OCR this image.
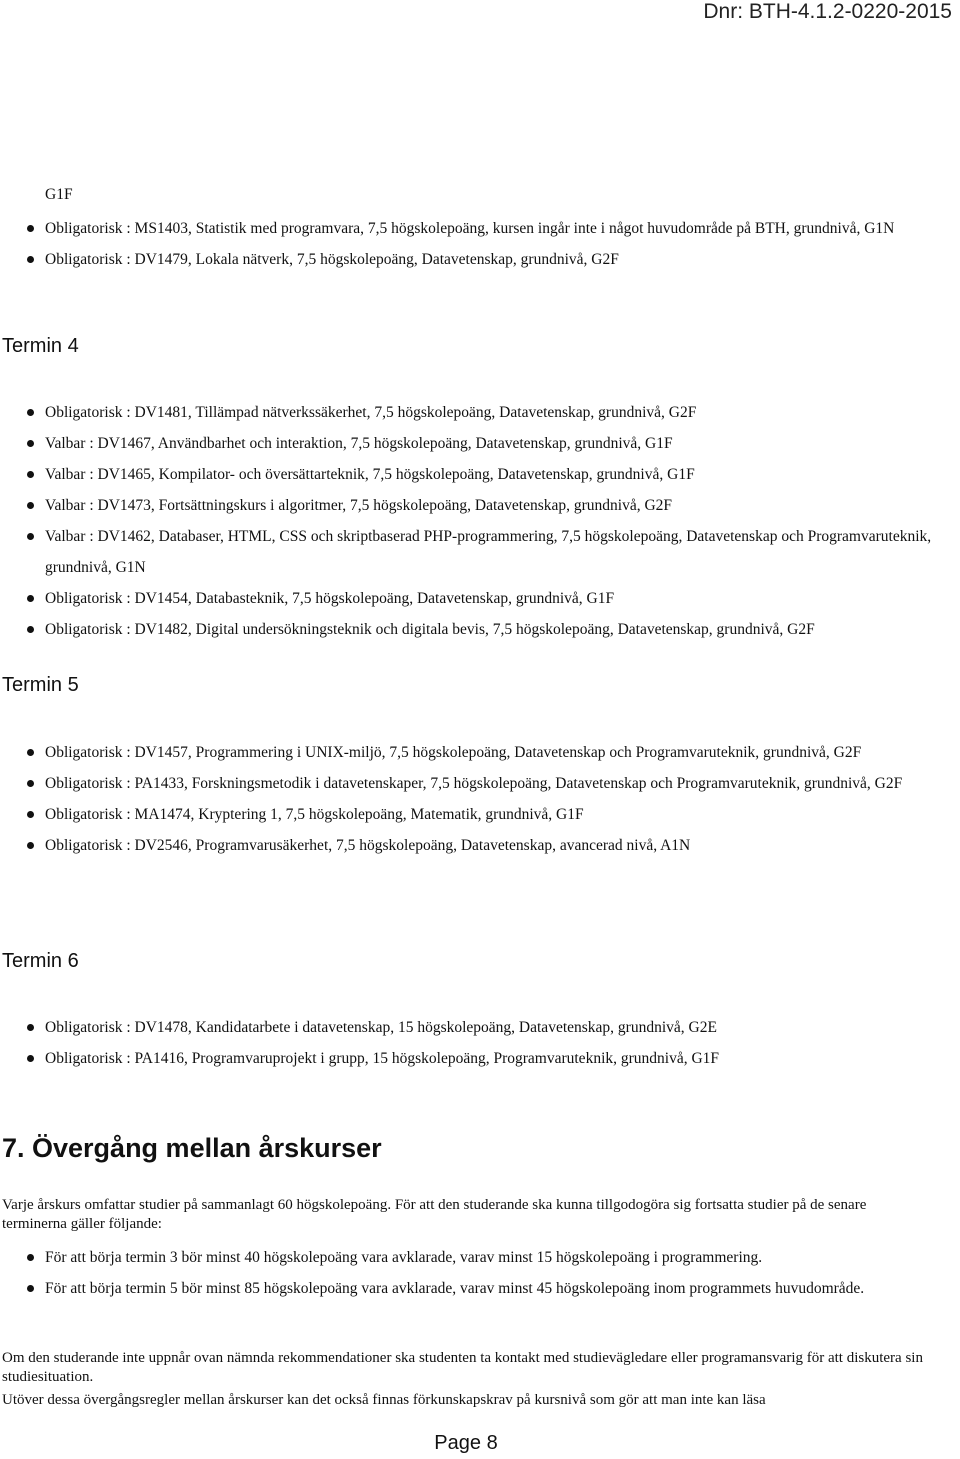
Dnr: BTH-4.1.2-0220-2015
G1F
Obligatorisk : MS1403, Statistik med programvara, 7,5 högskolepoäng, kursen ingår inte i något huvudområde på BTH, grundnivå, G1N
Obligatorisk : DV1479, Lokala nätverk, 7,5 högskolepoäng, Datavetenskap, grundnivå, G2F
Termin 4
Obligatorisk : DV1481, Tillämpad nätverkssäkerhet, 7,5 högskolepoäng, Datavetenskap, grundnivå, G2F
Valbar : DV1467, Användbarhet och interaktion, 7,5 högskolepoäng, Datavetenskap, grundnivå, G1F
Valbar : DV1465, Kompilator- och översättarteknik, 7,5 högskolepoäng, Datavetenskap, grundnivå, G1F
Valbar : DV1473, Fortsättningskurs i algoritmer, 7,5 högskolepoäng, Datavetenskap, grundnivå, G2F
Valbar : DV1462, Databaser, HTML, CSS och skriptbaserad PHP-programmering, 7,5 högskolepoäng, Datavetenskap och Programvaruteknik, grundnivå, G1N
Obligatorisk : DV1454, Databasteknik, 7,5 högskolepoäng, Datavetenskap, grundnivå, G1F
Obligatorisk : DV1482, Digital undersökningsteknik och digitala bevis, 7,5 högskolepoäng, Datavetenskap, grundnivå, G2F
Termin 5
Obligatorisk : DV1457, Programmering i UNIX-miljö, 7,5 högskolepoäng, Datavetenskap och Programvaruteknik, grundnivå, G2F
Obligatorisk : PA1433, Forskningsmetodik i datavetenskaper, 7,5 högskolepoäng, Datavetenskap och Programvaruteknik, grundnivå, G2F
Obligatorisk : MA1474, Kryptering 1, 7,5 högskolepoäng, Matematik, grundnivå, G1F
Obligatorisk : DV2546, Programvarusäkerhet, 7,5 högskolepoäng, Datavetenskap, avancerad nivå, A1N
Termin 6
Obligatorisk : DV1478, Kandidatarbete i datavetenskap, 15 högskolepoäng, Datavetenskap, grundnivå, G2E
Obligatorisk : PA1416, Programvaruprojekt i grupp, 15 högskolepoäng, Programvaruteknik, grundnivå, G1F
7. Övergång mellan årskurser

Varje årskurs omfattar studier på sammanlagt 60 högskolepoäng. För att den studerande ska kunna tillgodogöra sig fortsatta studier på de senare terminerna gäller följande:

För att börja termin 3 bör minst 40 högskolepoäng vara avklarade, varav minst 15 högskolepoäng i programmering.
För att börja termin 5 bör minst 85 högskolepoäng vara avklarade, varav minst 45 högskolepoäng inom programmets huvudområde.

Om den studerande inte uppnår ovan nämnda rekommendationer ska studenten ta kontakt med studievägledare eller programansvarig för att diskutera sin studiesituation.

Utöver dessa övergångsregler mellan årskurser kan det också finnas förkunskapskrav på kursnivå som gör att man inte kan läsa

Page 8
